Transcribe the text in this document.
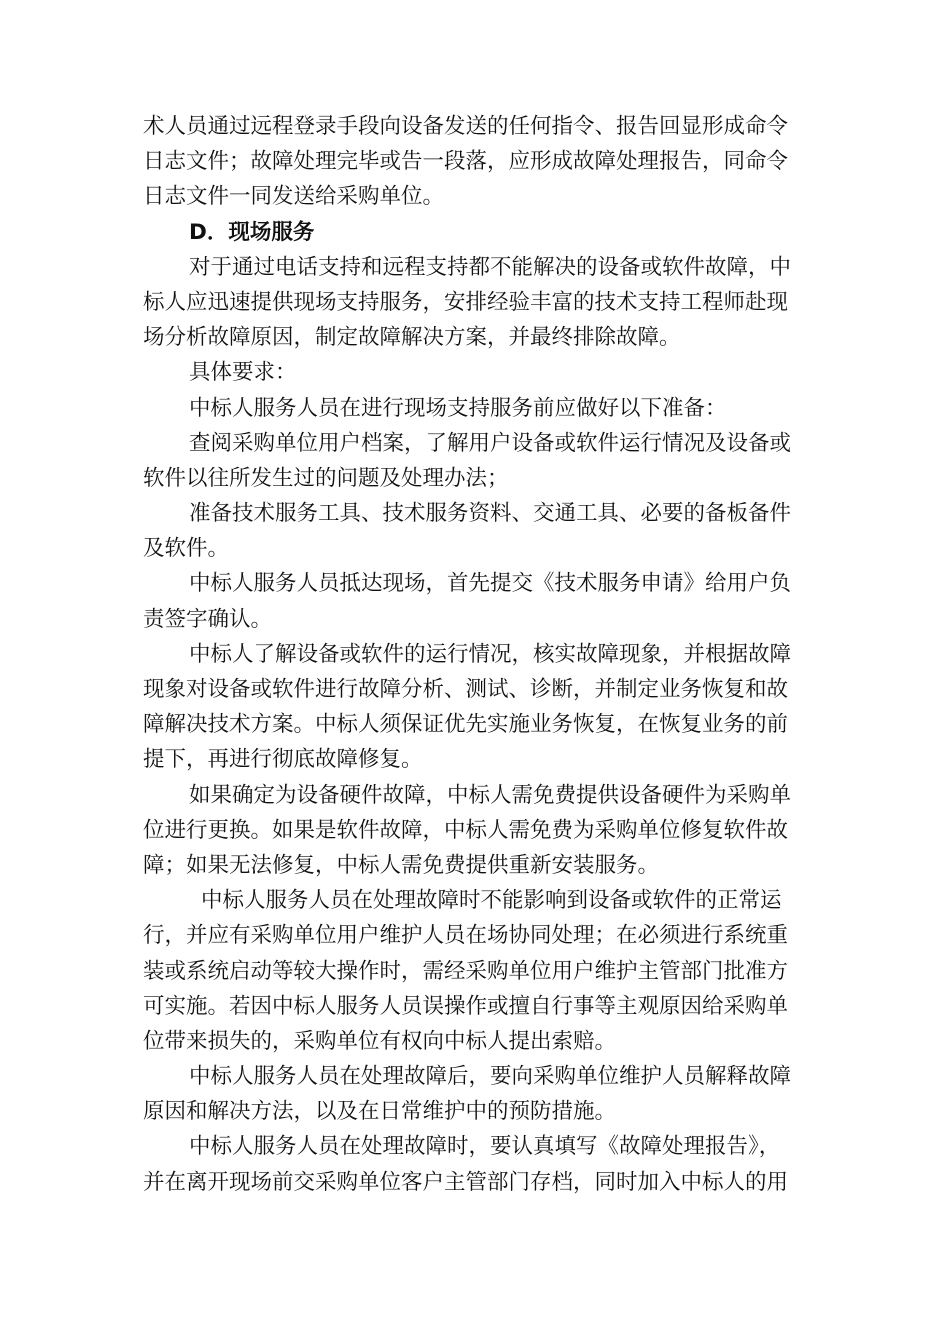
术人员通过远程登录手段向设备发送的任何指令、报告回显形成命令
日志文件；故障处理完毕或告一段落，应形成故障处理报告，同命令
日志文件一同发送给采购单位。
D．现场服务
对于通过电话支持和远程支持都不能解决的设备或软件故障，中
标人应迅速提供现场支持服务，安排经验丰富的技术支持工程师赴现
场分析故障原因，制定故障解决方案，并最终排除故障。
具体要求：
中标人服务人员在进行现场支持服务前应做好以下准备：
查阅采购单位用户档案，了解用户设备或软件运行情况及设备或
软件以往所发生过的问题及处理办法；
准备技术服务工具、技术服务资料、交通工具、必要的备板备件
及软件。
中标人服务人员抵达现场，首先提交《技术服务申请》给用户负
责签字确认。
中标人了解设备或软件的运行情况，核实故障现象，并根据故障
现象对设备或软件进行故障分析、测试、诊断，并制定业务恢复和故
障解决技术方案。中标人须保证优先实施业务恢复，在恢复业务的前
提下，再进行彻底故障修复。
如果确定为设备硬件故障，中标人需免费提供设备硬件为采购单
位进行更换。如果是软件故障，中标人需免费为采购单位修复软件故
障；如果无法修复，中标人需免费提供重新安装服务。
中标人服务人员在处理故障时不能影响到设备或软件的正常运
行，并应有采购单位用户维护人员在场协同处理；在必须进行系统重
装或系统启动等较大操作时，需经采购单位用户维护主管部门批准方
可实施。若因中标人服务人员误操作或擅自行事等主观原因给采购单
位带来损失的，采购单位有权向中标人提出索赔。
中标人服务人员在处理故障后，要向采购单位维护人员解释故障
原因和解决方法，以及在日常维护中的预防措施。
中标人服务人员在处理故障时，要认真填写《故障处理报告》，
并在离开现场前交采购单位客户主管部门存档，同时加入中标人的用
